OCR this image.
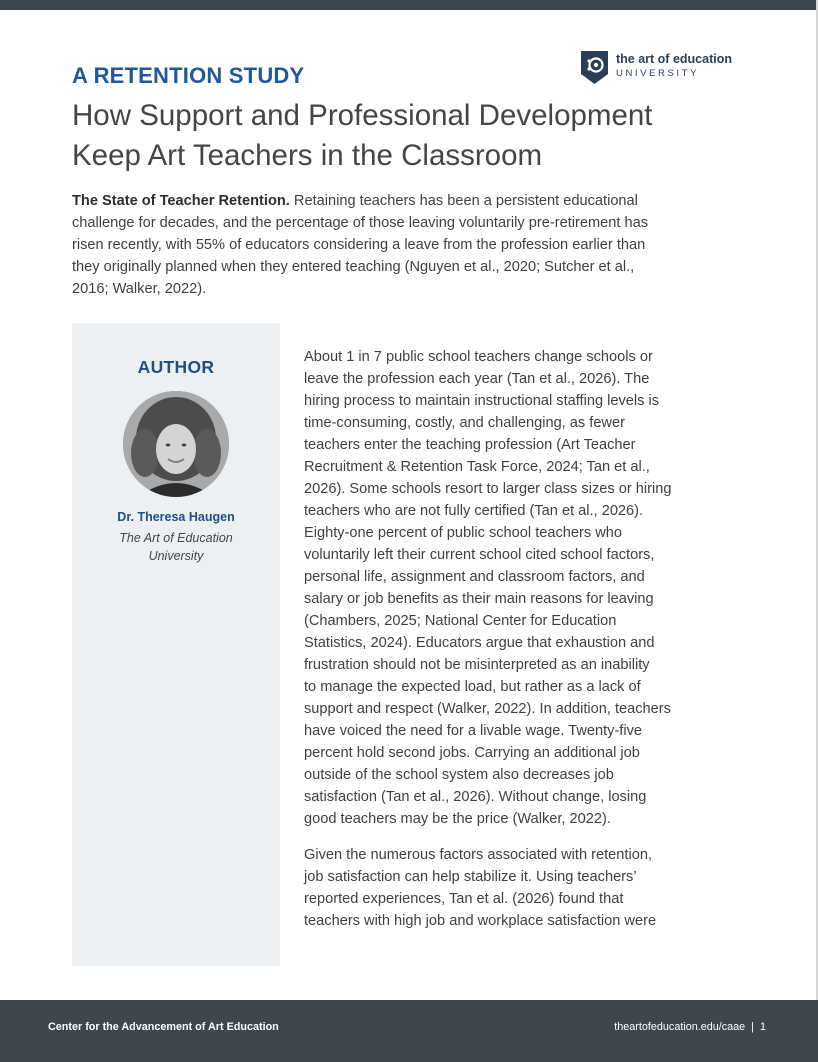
the art of education
UNIVERSITY
A RETENTION STUDY
How Support and Professional Development
Keep Art Teachers in the Classroom
The State of Teacher Retention. Retaining teachers has been a persistent educational
challenge for decades, and the percentage of those leaving voluntarily pre-retirement has
risen recently, with 55% of educators considering a leave from the profession earlier than
they originally planned when they entered teaching (Nguyen et al., 2020; Sutcher et al.,
2016; Walker, 2022).
AUTHOR
Dr. Theresa Haugen
The Art of Education
University
About 1 in 7 public school teachers change schools or
leave the profession each year (Tan et al., 2026). The
hiring process to maintain instructional staffing levels is
time-consuming, costly, and challenging, as fewer
teachers enter the teaching profession (Art Teacher
Recruitment & Retention Task Force, 2024; Tan et al.,
2026). Some schools resort to larger class sizes or hiring
teachers who are not fully certified (Tan et al., 2026).
Eighty-one percent of public school teachers who
voluntarily left their current school cited school factors,
personal life, assignment and classroom factors, and
salary or job benefits as their main reasons for leaving
(Chambers, 2025; National Center for Education
Statistics, 2024). Educators argue that exhaustion and
frustration should not be misinterpreted as an inability
to manage the expected load, but rather as a lack of
support and respect (Walker, 2022). In addition, teachers
have voiced the need for a livable wage. Twenty-five
percent hold second jobs. Carrying an additional job
outside of the school system also decreases job
satisfaction (Tan et al., 2026). Without change, losing
good teachers may be the price (Walker, 2022).
Given the numerous factors associated with retention,
job satisfaction can help stabilize it. Using teachers’
reported experiences, Tan et al. (2026) found that
teachers with high job and workplace satisfaction were
Center for the Advancement of Art Education	theartofeducation.edu/caae | 1
